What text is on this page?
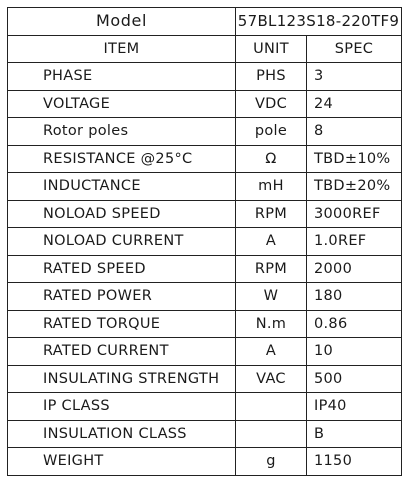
Model	57BL123S18-220TF9	
ITEM	UNIT	SPEC
PHASE	PHS	3
VOLTAGE	VDC	24
Rotor poles	pole	8
RESISTANCE @25°C	Ω	TBD±10%
INDUCTANCE	mH	TBD±20%
NOLOAD SPEED	RPM	3000REF
NOLOAD CURRENT	A	1.0REF
RATED SPEED	RPM	2000
RATED POWER	W	180
RATED TORQUE	N.m	0.86
RATED CURRENT	A	10
INSULATING STRENGTH	VAC	500
IP CLASS		IP40
INSULATION CLASS		B
WEIGHT	g	1150
